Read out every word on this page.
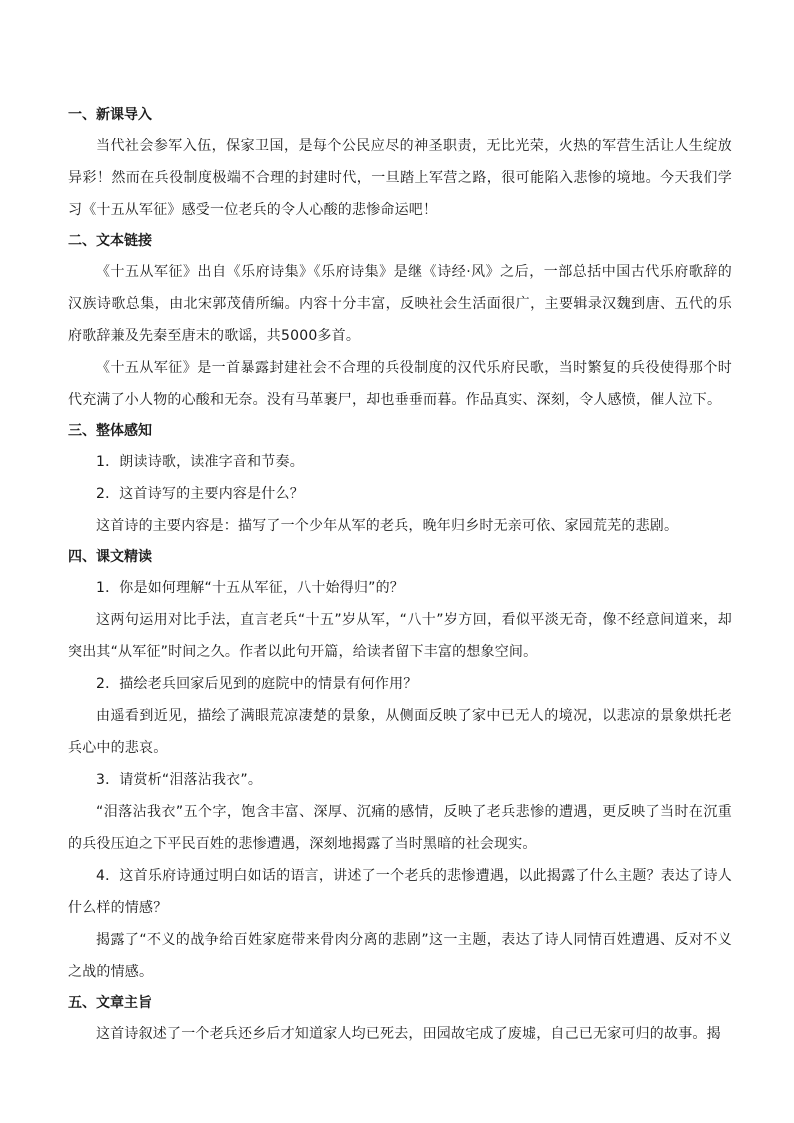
一、新课导入

当代社会参军入伍，保家卫国，是每个公民应尽的神圣职责，无比光荣，火热的军营生活让人生绽放异彩！然而在兵役制度极端不合理的封建时代，一旦踏上军营之路，很可能陷入悲惨的境地。今天我们学习《十五从军征》感受一位老兵的令人心酸的悲惨命运吧！

二、文本链接

《十五从军征》出自《乐府诗集》《乐府诗集》是继《诗经·风》之后，一部总括中国古代乐府歌辞的汉族诗歌总集，由北宋郭茂倩所编。内容十分丰富，反映社会生活面很广，主要辑录汉魏到唐、五代的乐府歌辞兼及先秦至唐末的歌谣，共5000多首。

《十五从军征》是一首暴露封建社会不合理的兵役制度的汉代乐府民歌，当时繁复的兵役使得那个时代充满了小人物的心酸和无奈。没有马革裹尸，却也垂垂而暮。作品真实、深刻，令人感愤，催人泣下。

三、整体感知

1．朗读诗歌，读准字音和节奏。

2．这首诗写的主要内容是什么？

这首诗的主要内容是：描写了一个少年从军的老兵，晚年归乡时无亲可依、家园荒芜的悲剧。

四、课文精读

1．你是如何理解“十五从军征，八十始得归”的？

这两句运用对比手法，直言老兵“十五”岁从军，“八十”岁方回，看似平淡无奇，像不经意间道来，却突出其“从军征”时间之久。作者以此句开篇，给读者留下丰富的想象空间。

2．描绘老兵回家后见到的庭院中的情景有何作用？

由遥看到近见，描绘了满眼荒凉凄楚的景象，从侧面反映了家中已无人的境况，以悲凉的景象烘托老兵心中的悲哀。

3．请赏析“泪落沾我衣”。

“泪落沾我衣”五个字，饱含丰富、深厚、沉痛的感情，反映了老兵悲惨的遭遇，更反映了当时在沉重的兵役压迫之下平民百姓的悲惨遭遇，深刻地揭露了当时黑暗的社会现实。

4．这首乐府诗通过明白如话的语言，讲述了一个老兵的悲惨遭遇，以此揭露了什么主题？表达了诗人什么样的情感？

揭露了“不义的战争给百姓家庭带来骨肉分离的悲剧”这一主题，表达了诗人同情百姓遭遇、反对不义之战的情感。

五、文章主旨

这首诗叙述了一个老兵还乡后才知道家人均已死去，田园故宅成了废墟，自己已无家可归的故事。揭
